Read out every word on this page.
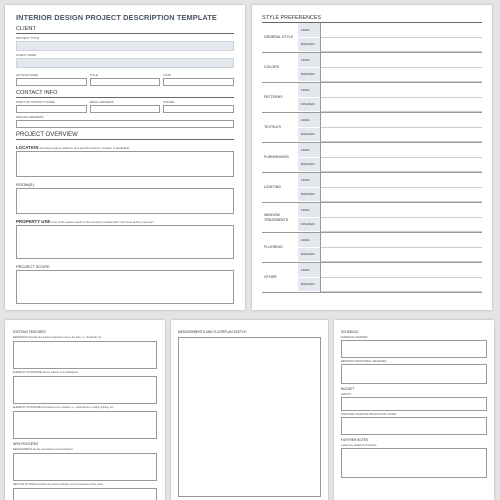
INTERIOR DESIGN PROJECT DESCRIPTION TEMPLATE
CLIENT
PROJECT TITLE
CLIENT NAME
AUTHOR NAME	TITLE	DATE
CONTACT INFO
POINT OF CONTACT NAME	EMAIL ADDRESS	PHONE
MAILING ADDRESS
PROJECT OVERVIEW
LOCATION provide property address and specific floor(s) / area(s), if applicable
ROOM(S)
PROPERTY USE how is the space used? is the property residential? who lives at the property?
PROJECT SCOPE
STYLE PREFERENCES
GENERAL STYLE
LIKES
DISLIKES
COLORS
LIKES
DISLIKES
PATTERNS
LIKES
DISLIKES
TEXTILES
LIKES
DISLIKES
FURNISHINGS
LIKES
DISLIKES
LIGHTING
LIKES
DISLIKES
WINDOW TREATMENTS
LIKES
DISLIKES
FLOORING
LIKES
DISLIKES
OTHER
LIKES
DISLIKES
EXISTING FEATURES
PERMANENT describe any features required to stay in the area, i.e., fixed/built, etc.
ELEMENTS TO ENHANCE list any features to be highlighted
ELEMENTS TO DISCARD list features to be replaced, i.e., carpet fixtures, seating, lighting, etc.
NEW FEATURES
NEW ELEMENTS list any new features to be introduced
NEW USE OF SPACE describe any desired changes to the purpose/use of the space
MEASUREMENTS AND FLOORPLAN SKETCH	SCHEDULE
SCHEDULE OVERVIEW
IMPORTANT MILESTONES / DEADLINES
BUDGET
AMOUNT
ADDITIONAL FINANCIAL PROJECTIONS / NOTES
FURTHER NOTES
include any additional information
